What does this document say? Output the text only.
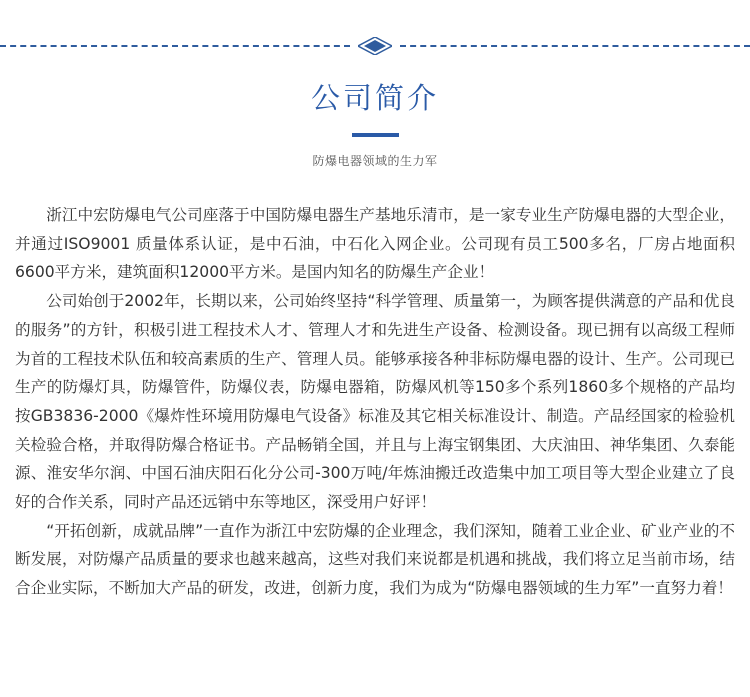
公司简介
防爆电器领域的生力军

浙江中宏防爆电气公司座落于中国防爆电器生产基地乐清市，是一家专业生产防爆电器的大型企业，并通过ISO9001 质量体系认证，是中石油，中石化入网企业。公司现有员工500多名，厂房占地面积6600平方米，建筑面积12000平方米。是国内知名的防爆生产企业！

公司始创于2002年，长期以来，公司始终坚持“科学管理、质量第一，为顾客提供满意的产品和优良的服务”的方针，积极引进工程技术人才、管理人才和先进生产设备、检测设备。现已拥有以高级工程师为首的工程技术队伍和较高素质的生产、管理人员。能够承接各种非标防爆电器的设计、生产。公司现已生产的防爆灯具，防爆管件，防爆仪表，防爆电器箱，防爆风机等150多个系列1860多个规格的产品均按GB3836-2000《爆炸性环境用防爆电气设备》标准及其它相关标准设计、制造。产品经国家的检验机关检验合格，并取得防爆合格证书。产品畅销全国，并且与上海宝钢集团、大庆油田、神华集团、久泰能源、淮安华尔润、中国石油庆阳石化分公司-300万吨/年炼油搬迁改造集中加工项目等大型企业建立了良好的合作关系，同时产品还远销中东等地区，深受用户好评！

“开拓创新，成就品牌”一直作为浙江中宏防爆的企业理念，我们深知，随着工业企业、矿业产业的不断发展，对防爆产品质量的要求也越来越高，这些对我们来说都是机遇和挑战，我们将立足当前市场，结合企业实际，不断加大产品的研发，改进，创新力度，我们为成为“防爆电器领域的生力军”一直努力着！
